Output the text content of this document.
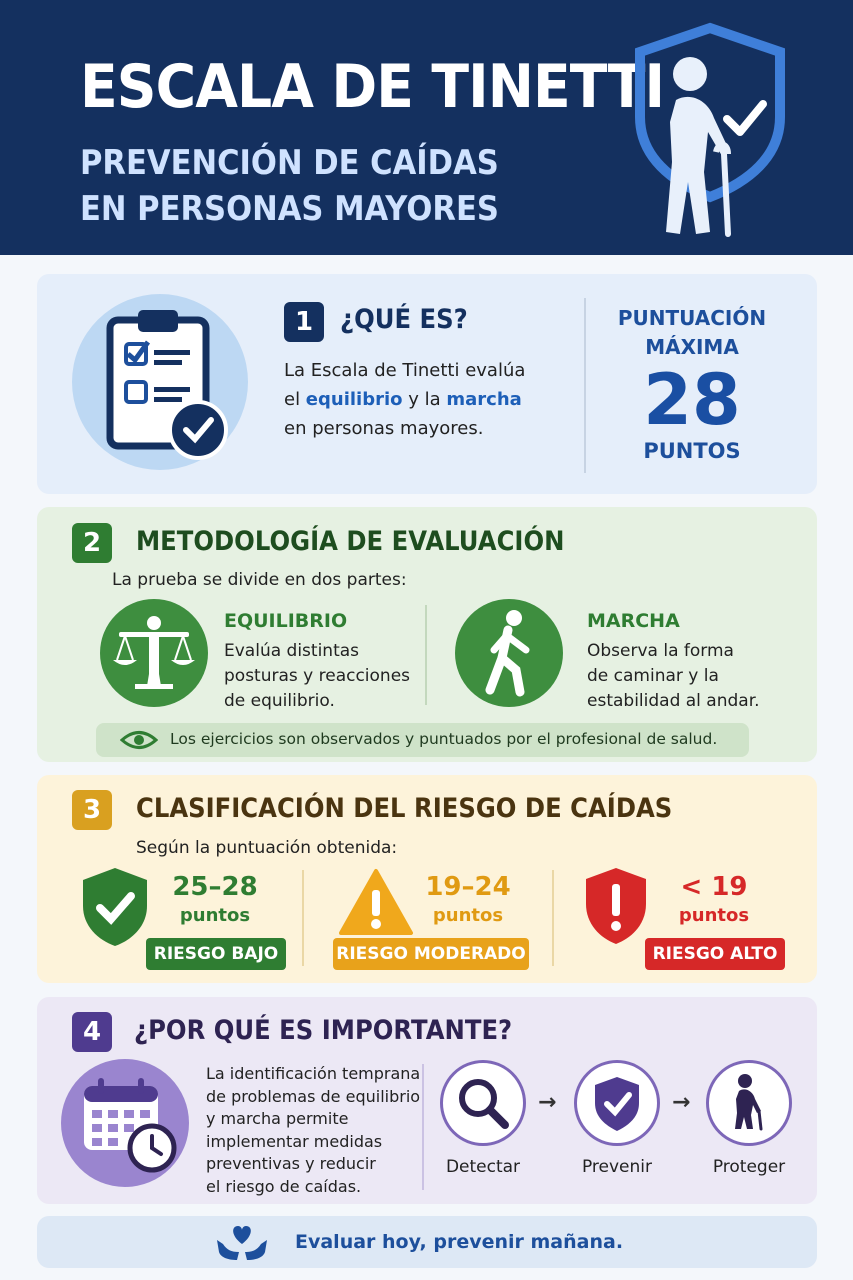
ESCALA DE TINETTI
PREVENCIÓN DE CAÍDAS
EN PERSONAS MAYORES
1 ¿QUÉ ES?
La Escala de Tinetti evalúa
el equilibrio y la marcha
en personas mayores.
PUNTUACIÓN
MÁXIMA
28
PUNTOS
2	METODOLOGÍA DE EVALUACIÓN
La prueba se divide en dos partes:
EQUILIBRIO
Evalúa distintas
posturas y reacciones
de equilibrio.
MARCHA
Observa la forma
de caminar y la
estabilidad al andar.
Los ejercicios son observados y puntuados por el profesional de salud.
3	CLASIFICACIÓN DEL RIESGO DE CAÍDAS
Según la puntuación obtenida:
25–28
puntos
RIESGO BAJO
19–24
puntos
RIESGO MODERADO
< 19
puntos
RIESGO ALTO
4	¿POR QUÉ ES IMPORTANTE?
La identificación temprana
de problemas de equilibrio
y marcha permite
implementar medidas
preventivas y reducir
el riesgo de caídas.
Detectar
→
Prevenir
→
Proteger
Evaluar hoy, prevenir mañana.
